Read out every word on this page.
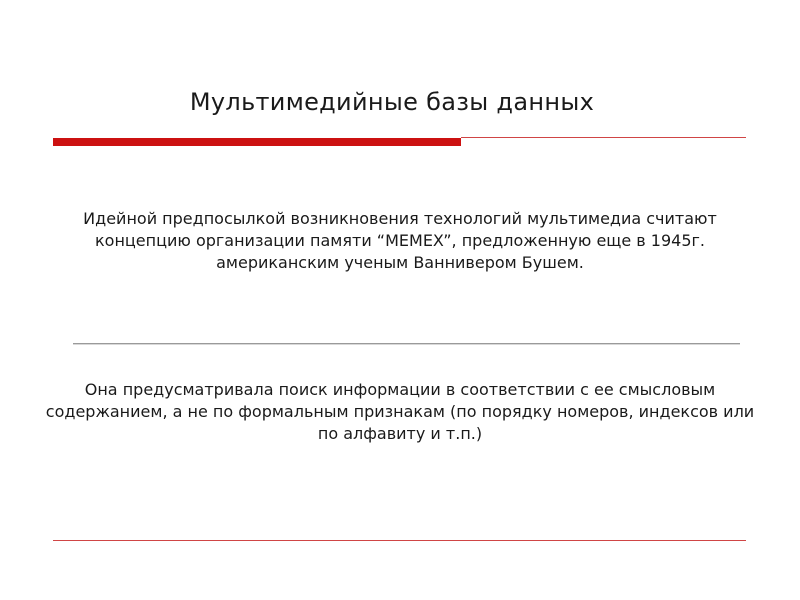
Мультимедийные базы данных
Идейной предпосылкой возникновения технологий мультимедиа считают концепцию организации памяти “MEMEX”, предложенную еще в 1945г. американским ученым Ваннивером Бушем.
Она предусматривала поиск информации в соответствии с ее смысловым содержанием, а не по формальным признакам (по порядку номеров, индексов или по алфавиту и т.п.)
